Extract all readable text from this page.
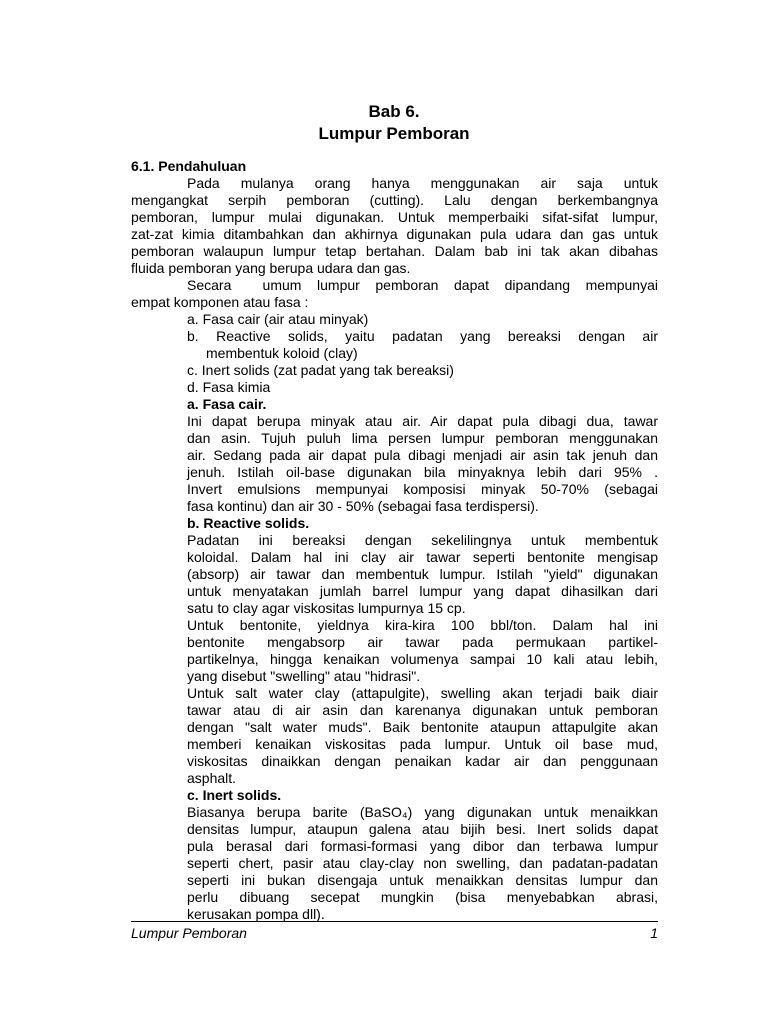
Bab 6.
Lumpur Pemboran
6.1. Pendahuluan
Pada mulanya orang hanya menggunakan air saja untuk
mengangkat serpih pemboran (cutting). Lalu dengan berkembangnya
pemboran, lumpur mulai digunakan. Untuk memperbaiki sifat-sifat lumpur,
zat-zat kimia ditambahkan dan akhirnya digunakan pula udara dan gas untuk
pemboran walaupun lumpur tetap bertahan. Dalam bab ini tak akan dibahas
fluida pemboran yang berupa udara dan gas.
Secara  umum lumpur pemboran dapat dipandang mempunyai
empat komponen atau fasa :
a. Fasa cair (air atau minyak)
b. Reactive solids, yaitu padatan yang bereaksi dengan air
membentuk koloid (clay)
c. Inert solids (zat padat yang tak bereaksi)
d. Fasa kimia
a. Fasa cair.
Ini dapat berupa minyak atau air. Air dapat pula dibagi dua, tawar
dan asin. Tujuh puluh lima persen lumpur pemboran menggunakan
air. Sedang pada air dapat pula dibagi menjadi air asin tak jenuh dan
jenuh. Istilah oil-base digunakan bila minyaknya lebih dari 95% .
Invert emulsions mempunyai komposisi minyak 50-70% (sebagai
fasa kontinu) dan air 30 - 50% (sebagai fasa terdispersi).
b. Reactive solids.
Padatan ini bereaksi dengan sekelilingnya untuk membentuk
koloidal. Dalam hal ini clay air tawar seperti bentonite mengisap
(absorp) air tawar dan membentuk lumpur. Istilah "yield" digunakan
untuk menyatakan jumlah barrel lumpur yang dapat dihasilkan dari
satu to clay agar viskositas lumpurnya 15 cp.
Untuk bentonite, yieldnya kira-kira 100 bbl/ton. Dalam hal ini
bentonite mengabsorp air tawar pada permukaan partikel-
partikelnya, hingga kenaikan volumenya sampai 10 kali atau lebih,
yang disebut "swelling" atau "hidrasi".
Untuk salt water clay (attapulgite), swelling akan terjadi baik diair
tawar atau di air asin dan karenanya digunakan untuk pemboran
dengan "salt water muds". Baik bentonite ataupun attapulgite akan
memberi kenaikan viskositas pada lumpur. Untuk oil base mud,
viskositas dinaikkan dengan penaikan kadar air dan penggunaan
asphalt.
c. Inert solids.
Biasanya berupa barite (BaSO₄) yang digunakan untuk menaikkan
densitas lumpur, ataupun galena atau bijih besi. Inert solids dapat
pula berasal dari formasi-formasi yang dibor dan terbawa lumpur
seperti chert, pasir atau clay-clay non swelling, dan padatan-padatan
seperti ini bukan disengaja untuk menaikkan densitas lumpur dan
perlu dibuang secepat mungkin (bisa menyebabkan abrasi,
kerusakan pompa dll).
Lumpur Pemboran	1
